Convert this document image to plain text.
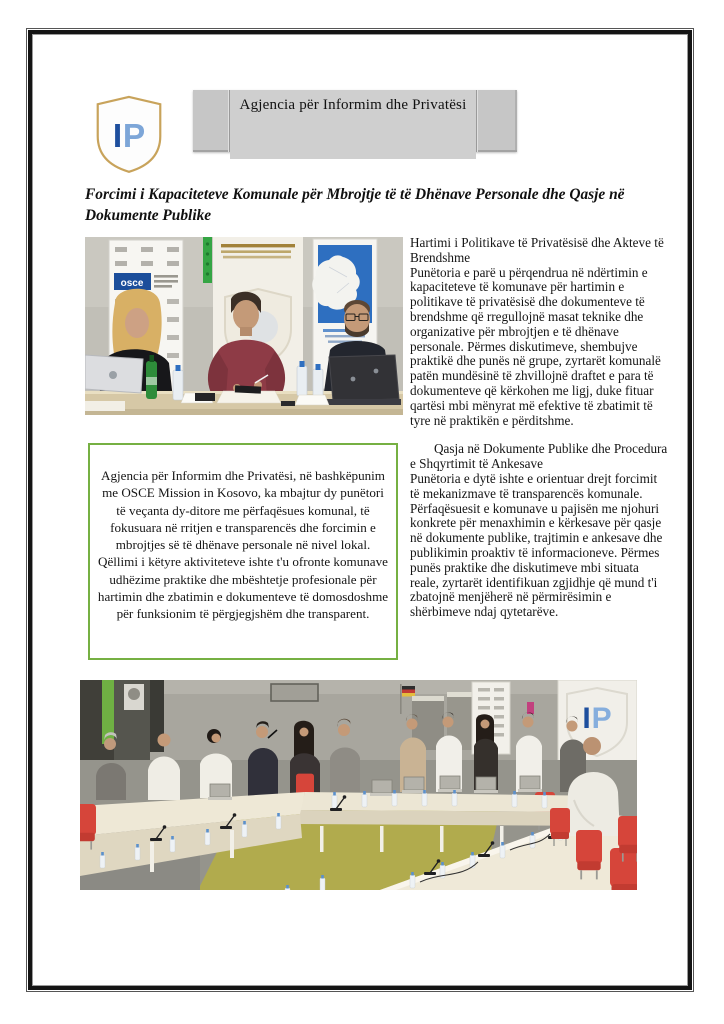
IP
Agjencia për Informim dhe Privatësi
Forcimi i Kapaciteteve Komunale për Mbrojtje të të Dhënave Personale dhe Qasje në Dokumente Publike
osce

Hartimi i Politikave të Privatësisë dhe Akteve të Brendshme

Punëtoria e parë u përqendrua në ndërtimin e kapaciteteve të komunave për hartimin e politikave të privatësisë dhe dokumenteve të brendshme që rregullojnë masat teknike dhe organizative për mbrojtjen e të dhënave personale. Përmes diskutimeve, shembujve praktikë dhe punës në grupe, zyrtarët komunalë patën mundësinë të zhvillojnë draftet e para të dokumenteve që kërkohen me ligj, duke fituar qartësi mbi mënyrat më efektive të zbatimit të tyre në praktikën e përditshme.

Qasja në Dokumente Publike dhe Procedura e Shqyrtimit të Ankesave

Punëtoria e dytë ishte e orientuar drejt forcimit të mekanizmave të transparencës komunale. Përfaqësuesit e komunave u pajisën me njohuri konkrete për menaxhimin e kërkesave për qasje në dokumente publike, trajtimin e ankesave dhe publikimin proaktiv të informacioneve. Përmes punës praktike dhe diskutimeve mbi situata reale, zyrtarët identifikuan zgjidhje që mund t'i zbatojnë menjëherë në përmirësimin e shërbimeve ndaj qytetarëve.

Agjencia për Informim dhe Privatësi, në bashkëpunim me OSCE Mission in Kosovo, ka mbajtur dy punëtori të veçanta dy-ditore me përfaqësues komunal, të fokusuara në rritjen e transparencës dhe forcimin e mbrojtjes së të dhënave personale në nivel lokal. Qëllimi i këtyre aktiviteteve ishte t'u ofronte komunave udhëzime praktike dhe mbështetje profesionale për hartimin dhe zbatimin e dokumenteve të domosdoshme për funksionim të përgjegjshëm dhe transparent.
IP
